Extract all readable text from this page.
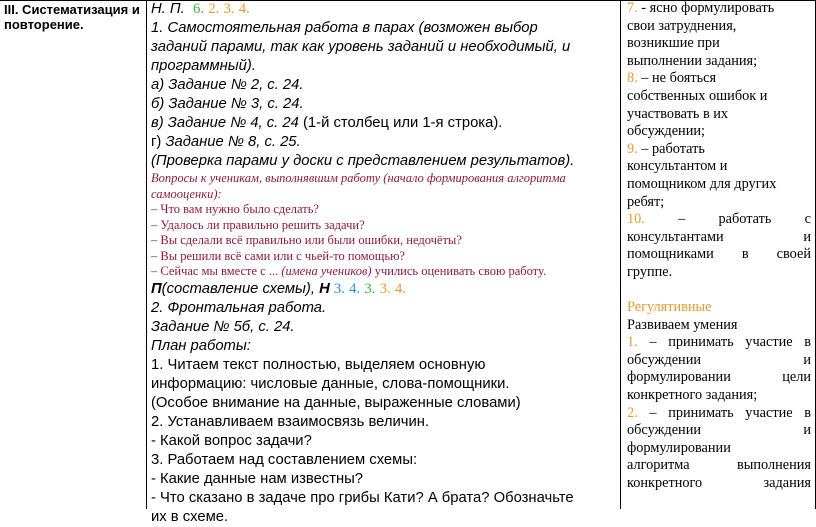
III. Систематизация и повторение.
Н. П. 6. 2. 3. 4.
1. Самостоятельная работа в парах (возможен выбор
заданий парами, так как уровень заданий и необходимый, и
программный).
а) Задание № 2, с. 24.
б) Задание № 3, с. 24.
в) Задание № 4, с. 24 (1-й столбец или 1-я строка).
г) Задание № 8, с. 25.
(Проверка парами у доски с представлением результатов).
Вопросы к ученикам, выполнявшим работу (начало формирования алгоритма
самооценки):
– Что вам нужно было сделать?
– Удалось ли правильно решить задачи?
– Вы сделали всё правильно или были ошибки, недочёты?
– Вы решили всё сами или с чьей-то помощью?
– Сейчас мы вместе с ... (имена учеников) учились оценивать свою работу.
П(составление схемы), Н 3. 4. 3. 3. 4.
2. Фронтальная работа.
Задание № 5б, с. 24.
План работы:
1. Читаем текст полностью, выделяем основную
информацию: числовые данные, слова-помощники.
(Особое внимание на данные, выраженные словами)
2. Устанавливаем взаимосвязь величин.
- Какой вопрос задачи?
3. Работаем над составлением схемы:
- Какие данные нам известны?
- Что сказано в задаче про грибы Кати? А брата? Обозначьте
их в схеме.
7. - ясно формулировать
свои затруднения,
возникшие при
выполнении задания;
8. – не бояться
собственных ошибок и
участвовать в их
обсуждении;
9. – работать
консультантом и
помощником для других
ребят;
10. – работать с
консультантами и
помощниками в своей
группе.
Регулятивные
Развиваем умения
1. – принимать участие в
обсуждении и
формулировании цели
конкретного задания;
2. – принимать участие в
обсуждении и
формулировании
алгоритма выполнения
конкретного задания
